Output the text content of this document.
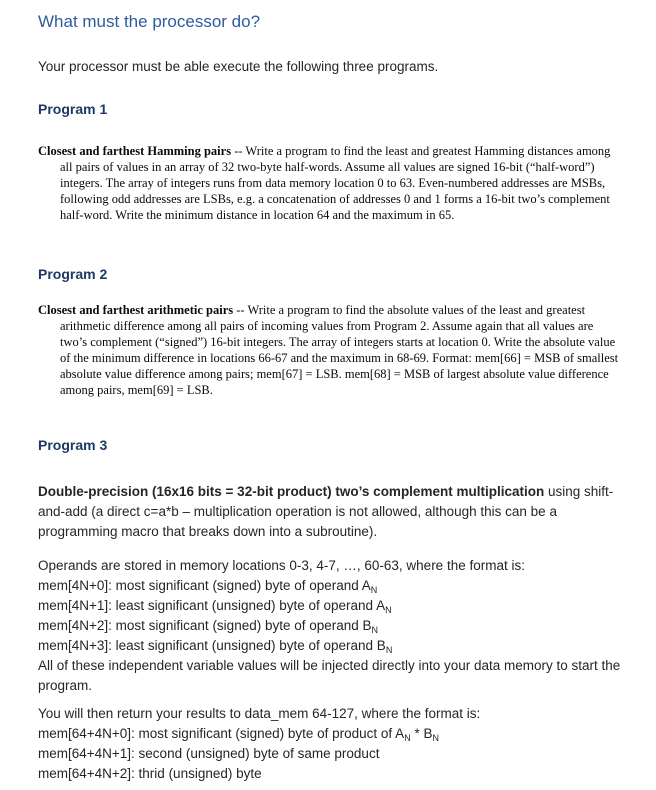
What must the processor do?

Your processor must be able execute the following three programs.

Program 1

Closest and farthest Hamming pairs -- Write a program to find the least and greatest Hamming distances among all pairs of values in an array of 32 two-byte half-words. Assume all values are signed 16-bit (“half-word”) integers. The array of integers runs from data memory location 0 to 63. Even-numbered addresses are MSBs, following odd addresses are LSBs, e.g. a concatenation of addresses 0 and 1 forms a 16-bit two’s complement half-word. Write the minimum distance in location 64 and the maximum in 65.

Program 2

Closest and farthest arithmetic pairs -- Write a program to find the absolute values of the least and greatest arithmetic difference among all pairs of incoming values from Program 2. Assume again that all values are two’s complement (“signed”) 16-bit integers. The array of integers starts at location 0. Write the absolute value of the minimum difference in locations 66-67 and the maximum in 68-69. Format: mem[66] = MSB of smallest absolute value difference among pairs; mem[67] = LSB. mem[68] = MSB of largest absolute value difference among pairs, mem[69] = LSB.

Program 3

Double-precision (16x16 bits = 32-bit product) two’s complement multiplication using shift-and-add (a direct c=a*b – multiplication operation is not allowed, although this can be a programming macro that breaks down into a subroutine).

Operands are stored in memory locations 0-3, 4-7, …, 60-63, where the format is:
mem[4N+0]: most significant (signed) byte of operand $A_N$
mem[4N+1]: least significant (unsigned) byte of operand $A_N$
mem[4N+2]: most significant (signed) byte of operand $B_N$
mem[4N+3]: least significant (unsigned) byte of operand $B_N$
All of these independent variable values will be injected directly into your data memory to start the program.
You will then return your results to data_mem 64-127, where the format is:
mem[64+4N+0]: most significant (signed) byte of product of $A_N * B_N$
mem[64+4N+1]: second (unsigned) byte of same product
mem[64+4N+2]: thrid (unsigned) byte
